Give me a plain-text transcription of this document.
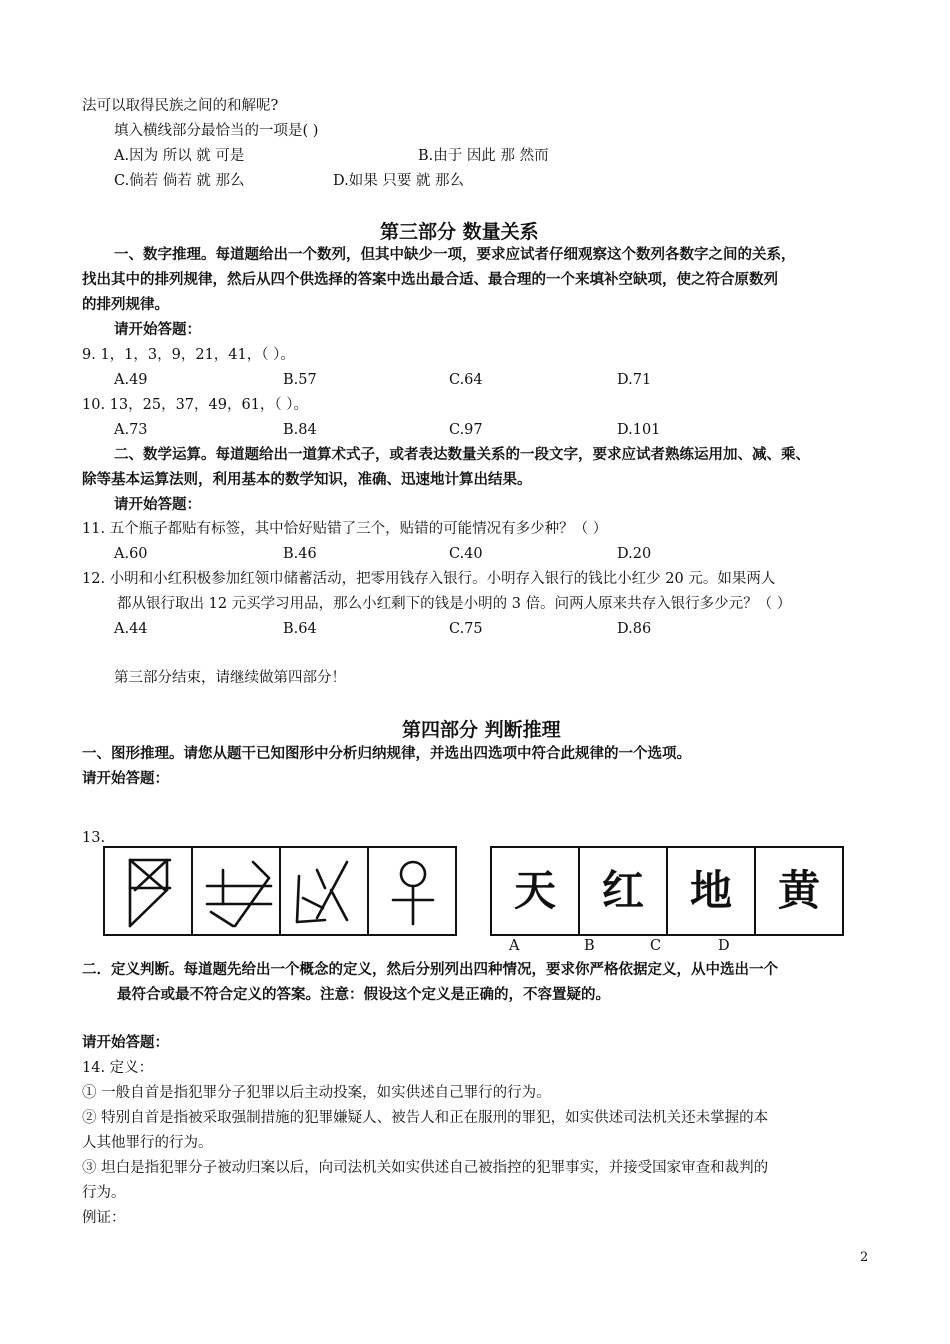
法可以取得民族之间的和解呢?
填入横线部分最恰当的一项是( )
A.因为 所以 就 可是	B.由于 因此 那 然而
C.倘若 倘若 就 那么	D.如果 只要 就 那么
第三部分 数量关系
一、数字推理。每道题给出一个数列，但其中缺少一项，要求应试者仔细观察这个数列各数字之间的关系，
找出其中的排列规律，然后从四个供选择的答案中选出最合适、最合理的一个来填补空缺项，使之符合原数列
的排列规律。
请开始答题：
9. 1，1，3，9，21，41，（ ）。
A.49	B.57	C.64	D.71
10. 13，25，37，49，61，（ ）。
A.73	B.84	C.97	D.101
二、数学运算。每道题给出一道算术式子，或者表达数量关系的一段文字，要求应试者熟练运用加、减、乘、
除等基本运算法则，利用基本的数学知识，准确、迅速地计算出结果。
请开始答题：
11. 五个瓶子都贴有标签，其中恰好贴错了三个，贴错的可能情况有多少种？（ ）
A.60	B.46	C.40	D.20
12. 小明和小红积极参加红领巾储蓄活动，把零用钱存入银行。小明存入银行的钱比小红少 20 元。如果两人
都从银行取出 12 元买学习用品，那么小红剩下的钱是小明的 3 倍。问两人原来共存入银行多少元？（ ）
A.44	B.64	C.75	D.86
第三部分结束，请继续做第四部分！
第四部分 判断推理
一、图形推理。请您从题干已知图形中分析归纳规律，并选出四选项中符合此规律的一个选项。
请开始答题：
13.
天	红	地	黄
A	B	C	D
二．定义判断。每道题先给出一个概念的定义，然后分别列出四种情况，要求你严格依据定义，从中选出一个
最符合或最不符合定义的答案。注意：假设这个定义是正确的，不容置疑的。
请开始答题：
14. 定义：
① 一般自首是指犯罪分子犯罪以后主动投案，如实供述自己罪行的行为。
② 特别自首是指被采取强制措施的犯罪嫌疑人、被告人和正在服刑的罪犯，如实供述司法机关还未掌握的本
人其他罪行的行为。
③ 坦白是指犯罪分子被动归案以后，向司法机关如实供述自己被指控的犯罪事实，并接受国家审查和裁判的
行为。
例证：
2
